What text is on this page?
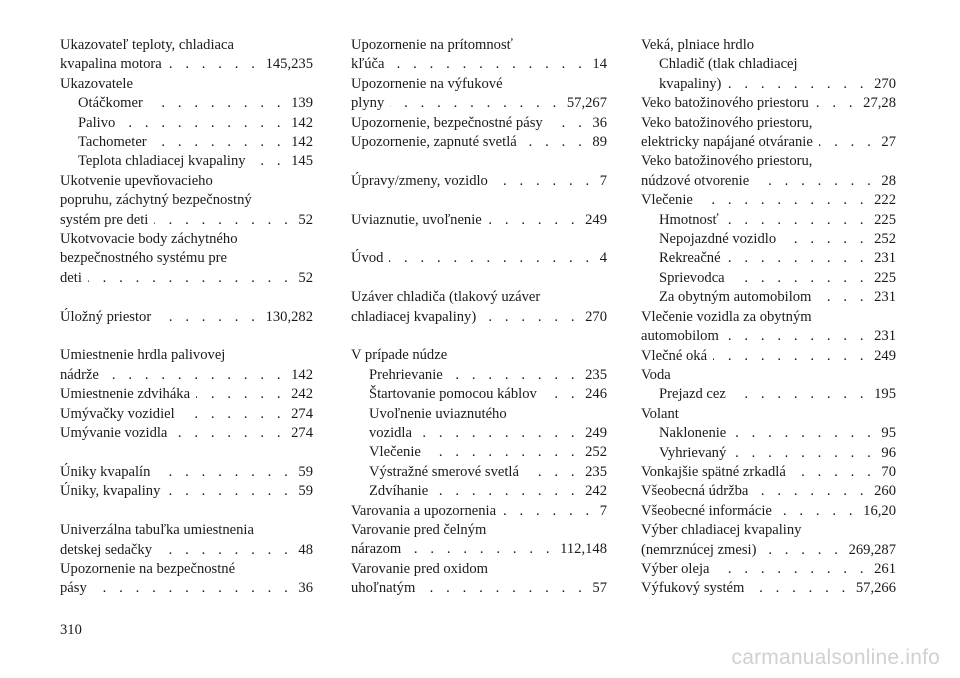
Ukazovateľ teploty, chladiaca
kvapalina motora . . .	145,235
Ukazovatele
Otáčkomer . . .	139
Palivo . . .	142
Tachometer . . .	142
Teplota chladiacej kvapaliny . . .	145
Ukotvenie upevňovacieho
popruhu, záchytný bezpečnostný
systém pre deti . . .	52
Ukotvovacie body záchytného
bezpečnostného systému pre
deti . . .	52
Úložný priestor . . .	130,282
Umiestnenie hrdla palivovej
nádrže . . .	142
Umiestnenie zdviháka . . .	242
Umývačky vozidiel . . .	274
Umývanie vozidla . . .	274
Úniky kvapalín . . .	59
Úniky, kvapaliny . . .	59
Univerzálna tabuľka umiestnenia
detskej sedačky . . .	48
Upozornenie na bezpečnostné
pásy . . .	36
Upozornenie na prítomnosť
kľúča . . .	14
Upozornenie na výfukové
plyny . . .	57,267
Upozornenie, bezpečnostné pásy . . .	36
Upozornenie, zapnuté svetlá . . .	89
Úpravy/zmeny, vozidlo . . .	7
Uviaznutie, uvoľnenie . . .	249
Úvod . . .	4
Uzáver chladiča (tlakový uzáver
chladiacej kvapaliny) . . .	270
V prípade núdze
Prehrievanie . . .	235
Štartovanie pomocou káblov . . .	246
Uvoľnenie uviaznutého
vozidla . . .	249
Vlečenie . . .	252
Výstražné smerové svetlá . . .	235
Zdvíhanie . . .	242
Varovania a upozornenia . . .	7
Varovanie pred čelným
nárazom . . .	112,148
Varovanie pred oxidom
uhoľnatým . . .	57
Veká, plniace hrdlo
Chladič (tlak chladiacej
kvapaliny) . . .	270
Veko batožinového priestoru . . .	27,28
Veko batožinového priestoru,
elektricky napájané otváranie . . .	27
Veko batožinového priestoru,
núdzové otvorenie . . .	28
Vlečenie . . .	222
Hmotnosť . . .	225
Nepojazdné vozidlo . . .	252
Rekreačné . . .	231
Sprievodca . . .	225
Za obytným automobilom . . .	231
Vlečenie vozidla za obytným
automobilom . . .	231
Vlečné oká . . .	249
Voda
Prejazd cez . . .	195
Volant
Naklonenie . . .	95
Vyhrievaný . . .	96
Vonkajšie spätné zrkadlá . . .	70
Všeobecná údržba . . .	260
Všeobecné informácie . . .	16,20
Výber chladiacej kvapaliny
(nemrznúcej zmesi) . . .	269,287
Výber oleja . . .	261
Výfukový systém . . .	57,266
310
carmanualsonline.info
